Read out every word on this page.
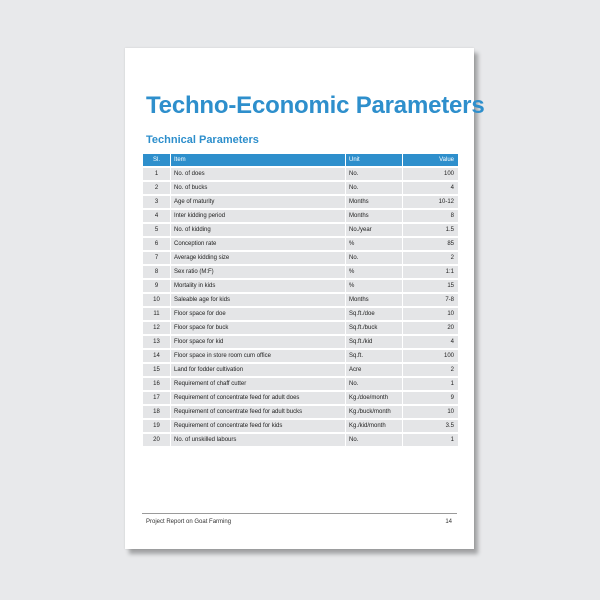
Techno-Economic Parameters
Technical Parameters
Sl.	Item	Unit	Value
1	No. of does	No.	100
2	No. of bucks	No.	4
3	Age of maturity	Months	10-12
4	Inter kidding period	Months	8
5	No. of kidding	No./year	1.5
6	Conception rate	%	85
7	Average kidding size	No.	2
8	Sex ratio (M:F)	%	1:1
9	Mortality in kids	%	15
10	Saleable age for kids	Months	7-8
11	Floor space for doe	Sq.ft./doe	10
12	Floor space for buck	Sq.ft./buck	20
13	Floor space for kid	Sq.ft./kid	4
14	Floor space in store room cum office	Sq.ft.	100
15	Land for fodder cultivation	Acre	2
16	Requirement of chaff cutter	No.	1
17	Requirement of concentrate feed for adult does	Kg./doe/month	9
18	Requirement of concentrate feed for adult bucks	Kg./buck/month	10
19	Requirement of concentrate feed for kids	Kg./kid/month	3.5
20	No. of unskilled labours	No.	1
Project Report on Goat Farming	14
